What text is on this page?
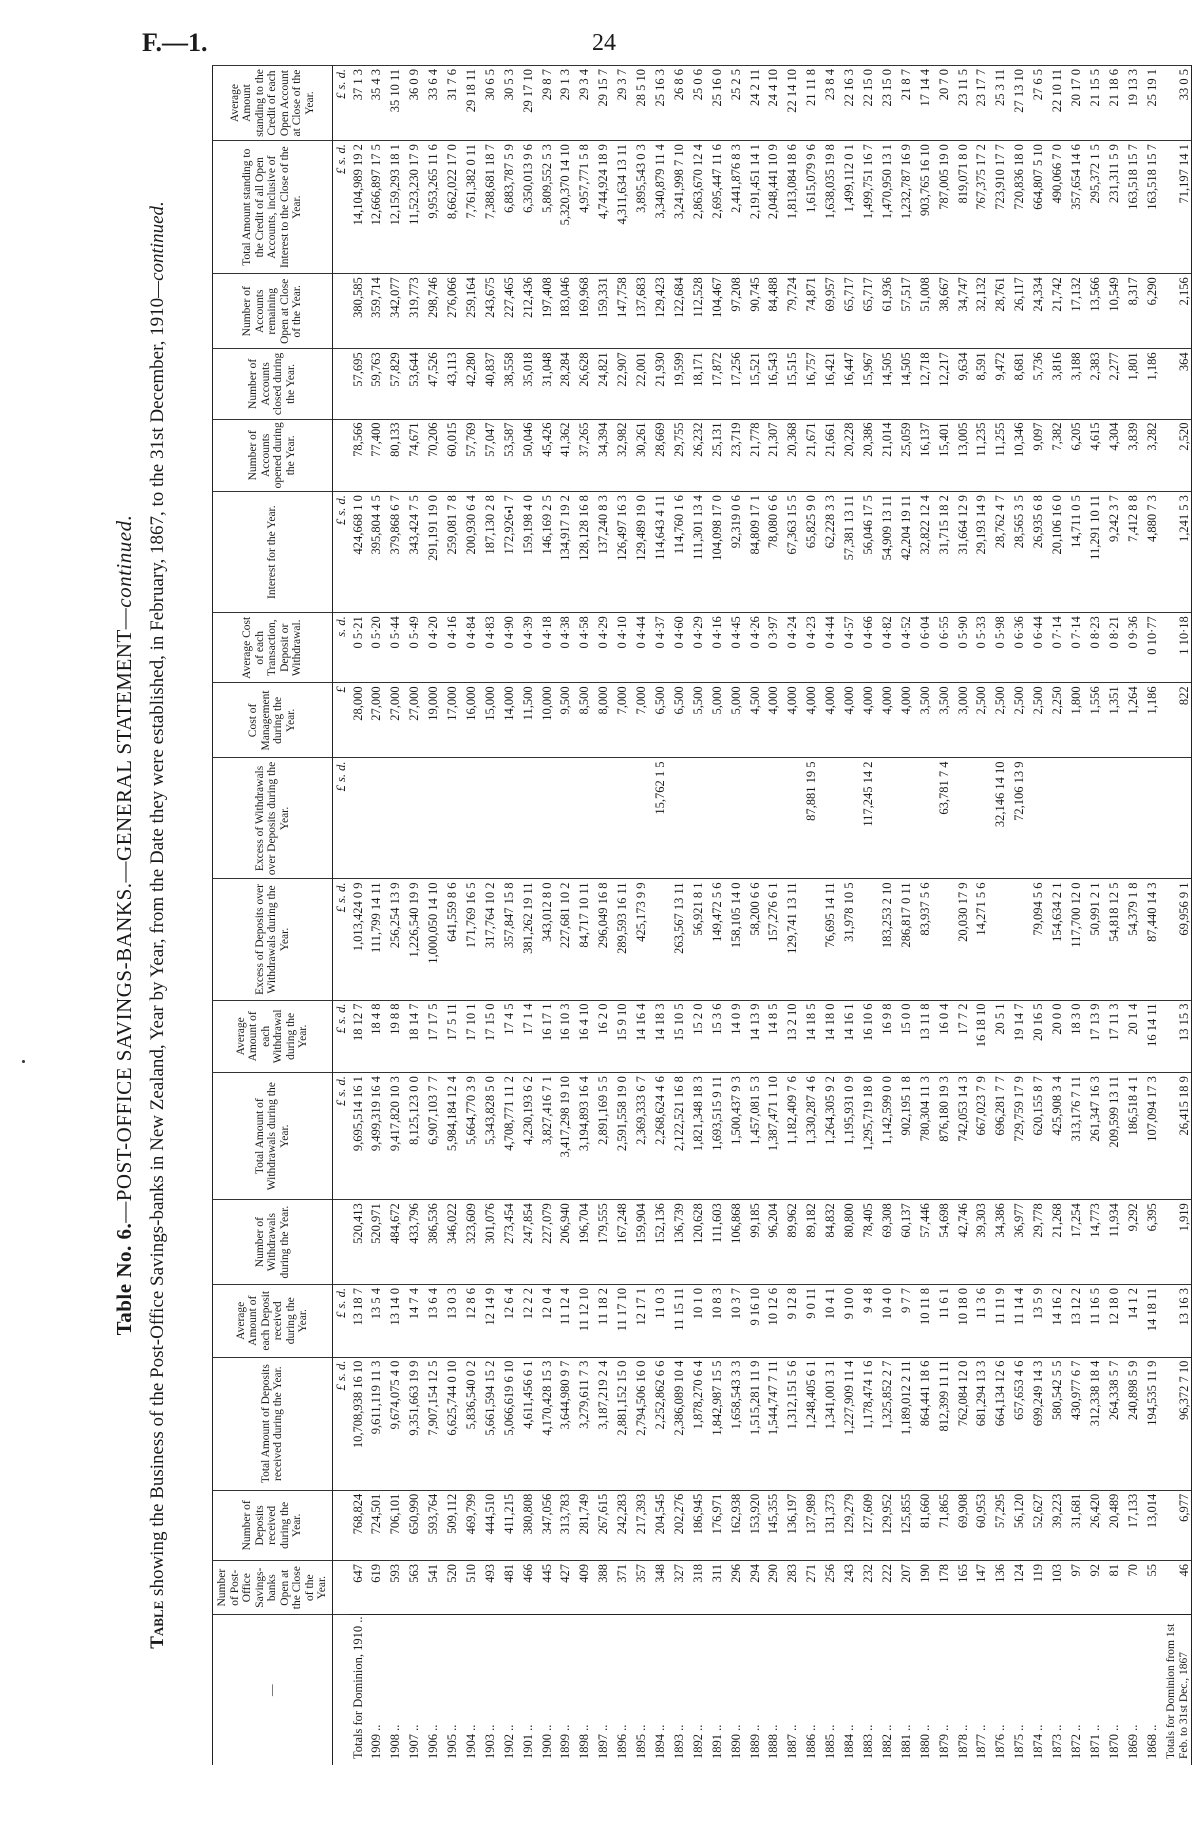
F.—1.	24
Table No. 6.—POST-OFFICE SAVINGS-BANKS.—GENERAL STATEMENT—continued.
Table showing the Business of the Post-Office Savings-banks in New Zealand, Year by Year, from the Date they were established, in February, 1867, to the 31st December, 1910—continued.
—	Number of Post-Office Savings-banks Open at the Close of the Year.	Number of Deposits received during the Year.	Total Amount of Deposits received during the Year.	Average Amount of each Deposit received during the Year.	Number of Withdrawals during the Year.	Total Amount of Withdrawals during the Year.	Average Amount of each Withdrawal during the Year.	Excess of Deposits over Withdrawals during the Year.	Excess of Withdrawals over Deposits during the Year.	Cost of Management during the Year.	Average Cost of each Transaction, Deposit or Withdrawal.	Interest for the Year.	Number of Accounts opened during the Year.	Number of Accounts closed during the Year.	Number of Accounts remaining Open at Close of the Year.	Total Amount standing to the Credit of all Open Accounts, inclusive of Interest to the Close of the Year.	Average Amount standing to the Credit of each Open Account at Close of the Year.
			£ s. d.	£ s. d.		£ s. d.	£ s. d.	£ s. d.	£ s. d.	£	s. d.	£ s. d.				£ s. d.	£ s. d.
Totals for Dominion, 1910 ..	647	768,824	10,708,938 16 10	13 18 7	520,413	9,695,514 16 1	18 12 7	1,013,424 0 9		28,000	0 5·21	424,668 1 0	78,566	57,695	380,585	14,104,989 19 2	37 1 3
1909 ..	619	724,501	9,611,119 11 3	13 5 4	520,971	9,499,319 16 4	18 4 8	111,799 14 11		27,000	0 5·20	395,804 4 5	77,400	59,763	359,714	12,666,897 17 5	35 4 3
1908 ..	593	706,101	9,674,075 4 0	13 14 0	484,672	9,417,820 10 3	19 8 8	256,254 13 9		27,000	0 5·44	379,868 6 7	80,133	57,829	342,077	12,159,293 18 1	35 10 11
1907 ..	563	650,990	9,351,663 19 9	14 7 4	433,796	8,125,123 0 0	18 14 7	1,226,540 19 9		27,000	0 5·49	343,424 7 5	74,671	53,644	319,773	11,523,230 17 9	36 0 9
1906 ..	541	593,764	7,907,154 12 5	13 6 4	386,536	6,907,103 7 7	17 17 5	1,000,050 14 10		19,000	0 4·20	291,191 19 0	70,206	47,526	298,746	9,953,265 11 6	33 6 4
1905 ..	520	509,112	6,625,744 0 10	13 0 3	346,022	5,984,184 12 4	17 5 11	641,559 8 6		17,000	0 4·16	259,081 7 8	60,015	43,113	276,066	8,662,022 17 0	31 7 6
1904 ..	510	469,799	5,836,540 0 2	12 8 6	323,609	5,664,770 3 9	17 10 1	171,769 16 5		16,000	0 4·84	200,930 6 4	57,769	42,280	259,164	7,761,382 0 11	29 18 11
1903 ..	493	444,510	5,661,594 15 2	12 14 9	301,076	5,343,828 5 0	17 15 0	317,764 10 2		15,000	0 4·83	187,130 2 8	57,047	40,837	243,675	7,388,681 18 7	30 6 5
1902 ..	481	411,215	5,066,619 6 10	12 6 4	273,454	4,708,771 11 2	17 4 5	357,847 15 8		14,000	0 4·90	172,926 1 7	53,587	38,558	227,465	6,883,787 5 9	30 5 3
1901 ..	466	380,808	4,611,456 6 1	12 2 2	247,854	4,230,193 6 2	17 1 4	381,262 19 11		11,500	0 4·39	159,198 4 0	50,046	35,018	212,436	6,350,013 9 6	29 17 10
1900 ..	445	347,056	4,170,428 15 3	12 0 4	227,079	3,827,416 7 1	16 17 1	343,012 8 0		10,000	0 4·18	146,169 2 5	45,426	31,048	197,408	5,809,552 5 3	29 8 7
1899 ..	427	313,783	3,644,980 9 7	11 12 4	206,940	3,417,298 19 10	16 10 3	227,681 10 2		9,500	0 4·38	134,917 19 2	41,362	28,284	183,046	5,320,370 14 10	29 1 3
1898 ..	409	281,749	3,279,611 7 3	11 12 10	196,704	3,194,893 16 4	16 4 10	84,717 10 11		8,500	0 4·58	128,128 16 8	37,265	26,628	169,968	4,957,771 5 8	29 3 4
1897 ..	388	267,615	3,187,219 2 4	11 18 2	179,555	2,891,169 5 5	16 2 0	296,049 16 8		8,000	0 4·29	137,240 8 3	34,394	24,821	159,331	4,744,924 18 9	29 15 7
1896 ..	371	242,283	2,881,152 15 0	11 17 10	167,248	2,591,558 19 0	15 9 10	289,593 16 11		7,000	0 4·10	126,497 16 3	32,982	22,907	147,758	4,311,634 13 11	29 3 7
1895 ..	357	217,393	2,794,506 16 0	12 17 1	159,904	2,369,333 6 7	14 16 4	425,173 9 9		7,000	0 4·44	129,489 19 0	30,261	22,001	137,683	3,895,543 0 3	28 5 10
1894 ..	348	204,545	2,252,862 6 6	11 0 3	152,136	2,268,624 4 6	14 18 3		15,762 1 5	6,500	0 4·37	114,643 4 11	28,669	21,930	129,423	3,340,879 11 4	25 16 3
1893 ..	327	202,276	2,386,089 10 4	11 15 11	136,739	2,122,521 16 8	15 10 5	263,567 13 11		6,500	0 4·60	114,760 1 6	29,755	19,599	122,684	3,241,998 7 10	26 8 6
1892 ..	318	186,945	1,878,270 6 4	10 1 0	120,628	1,821,348 18 3	15 2 0	56,921 8 1		5,500	0 4·29	111,301 13 4	26,232	18,171	112,528	2,863,670 12 4	25 0 6
1891 ..	311	176,971	1,842,987 15 5	10 8 3	111,603	1,693,515 9 11	15 3 6	149,472 5 6		5,000	0 4·16	104,098 17 0	25,131	17,872	104,467	2,695,447 11 6	25 16 0
1890 ..	296	162,938	1,658,543 3 3	10 3 7	106,868	1,500,437 9 3	14 0 9	158,105 14 0		5,000	0 4·45	92,319 0 6	23,719	17,256	97,208	2,441,876 8 3	25 2 5
1889 ..	294	153,920	1,515,281 11 9	9 16 10	99,185	1,457,081 5 3	14 13 9	58,200 6 6		4,500	0 4·26	84,809 17 1	21,778	15,521	90,745	2,191,451 14 1	24 2 11
1888 ..	290	145,355	1,544,747 7 11	10 12 6	96,204	1,387,471 1 10	14 8 5	157,276 6 1		4,000	0 3·97	78,080 6 6	21,307	16,543	84,488	2,048,441 10 9	24 4 10
1887 ..	283	136,197	1,312,151 5 6	9 12 8	89,962	1,182,409 7 6	13 2 10	129,741 13 11		4,000	0 4·24	67,363 15 5	20,368	15,515	79,724	1,813,084 18 6	22 14 10
1886 ..	271	137,989	1,248,405 6 1	9 0 11	89,182	1,330,287 4 6	14 18 5		87,881 19 5	4,000	0 4·23	65,825 9 0	21,671	16,757	74,871	1,615,079 9 6	21 11 8
1885 ..	256	131,373	1,341,001 3 1	10 4 1	84,832	1,264,305 9 2	14 18 0	76,695 14 11		4,000	0 4·44	62,228 3 3	21,661	16,421	69,957	1,638,035 19 8	23 8 4
1884 ..	243	129,279	1,227,909 11 4	9 10 0	80,800	1,195,931 0 9	14 16 1	31,978 10 5		4,000	0 4·57	57,381 13 11	20,228	16,447	65,717	1,499,112 0 1	22 16 3
1883 ..	232	127,609	1,178,474 1 6	9 4 8	78,405	1,295,719 18 0	16 10 6		117,245 14 2	4,000	0 4·66	56,046 17 5	20,386	15,967	65,717	1,499,751 16 7	22 15 0
1882 ..	222	129,952	1,325,852 2 7	10 4 0	69,308	1,142,599 0 0	16 9 8	183,253 2 10		4,000	0 4·82	54,909 13 11	21,014	14,505	61,936	1,470,950 13 1	23 15 0
1881 ..	207	125,855	1,189,012 2 11	9 7 7	60,137	902,195 1 8	15 0 0	286,817 0 11		4,000	0 4·52	42,204 19 11	25,059	14,505	57,517	1,232,787 16 9	21 8 7
1880 ..	190	81,660	864,441 18 6	10 11 8	57,446	780,304 11 3	13 11 8	83,937 5 6		3,500	0 6·04	32,822 12 4	16,137	12,718	51,008	903,765 16 10	17 14 4
1879 ..	178	71,865	812,399 11 11	11 6 1	54,698	876,180 19 3	16 0 4		63,781 7 4	3,500	0 6·55	31,715 18 2	15,401	12,217	38,667	787,005 19 0	20 7 0
1878 ..	165	69,908	762,084 12 0	10 18 0	42,746	742,053 14 3	17 7 2	20,030 17 9		3,000	0 5·90	31,664 12 9	13,005	9,634	34,747	819,071 8 0	23 11 5
1877 ..	147	60,953	681,294 13 3	11 3 6	39,303	667,023 7 9	16 18 10	14,271 5 6		2,500	0 5·33	29,193 14 9	11,235	8,591	32,132	767,375 17 2	23 17 7
1876 ..	136	57,295	664,134 12 6	11 11 9	34,386	696,281 7 7	20 5 1		32,146 14 10	2,500	0 5·98	28,762 4 7	11,255	9,472	28,761	723,910 17 7	25 3 11
1875 ..	124	56,120	657,653 4 6	11 14 4	36,977	729,759 17 9	19 14 7		72,106 13 9	2,500	0 6·36	28,565 3 5	10,346	8,681	26,117	720,836 18 0	27 13 10
1874 ..	119	52,627	699,249 14 3	13 5 9	29,778	620,155 8 7	20 16 5	79,094 5 6		2,500	0 6·44	26,935 6 8	9,097	5,736	24,334	664,807 5 10	27 6 5
1873 ..	103	39,223	580,542 5 5	14 16 2	21,268	425,908 3 4	20 0 0	154,634 2 1		2,250	0 7·14	20,106 16 0	7,382	3,816	21,742	490,066 7 0	22 10 11
1872 ..	97	31,681	430,977 6 7	13 12 2	17,254	313,176 7 11	18 3 0	117,700 12 0		1,800	0 7·14	14,711 0 5	6,205	3,188	17,132	357,654 14 6	20 17 0
1871 ..	92	26,420	312,338 18 4	11 16 5	14,773	261,347 16 3	17 13 9	50,991 2 1		1,556	0 8·23	11,291 10 11	4,615	2,383	13,566	295,372 1 5	21 15 5
1870 ..	81	20,489	264,338 5 7	12 18 0	11,934	209,599 13 11	17 11 3	54,818 12 5		1,351	0 8·21	9,242 3 7	4,304	2,277	10,549	231,311 5 9	21 18 6
1869 ..	70	17,133	240,898 5 9	14 1 2	9,292	186,518 4 1	20 1 4	54,379 1 8		1,264	0 9·36	7,412 8 8	3,839	1,801	8,317	163,518 15 7	19 13 3
1868 ..	55	13,014	194,535 11 9	14 18 11	6,395	107,094 17 3	16 14 11	87,440 14 3		1,186	0 10·77	4,880 7 3	3,282	1,186	6,290	163,518 15 7	25 19 1
Totals for Dominion from 1st Feb. to 31st Dec., 1867	46	6,977	96,372 7 10	13 16 3	1,919	26,415 18 9	13 15 3	69,956 9 1		822	1 10·18	1,241 5 3	2,520	364	2,156	71,197 14 1	33 0 5
